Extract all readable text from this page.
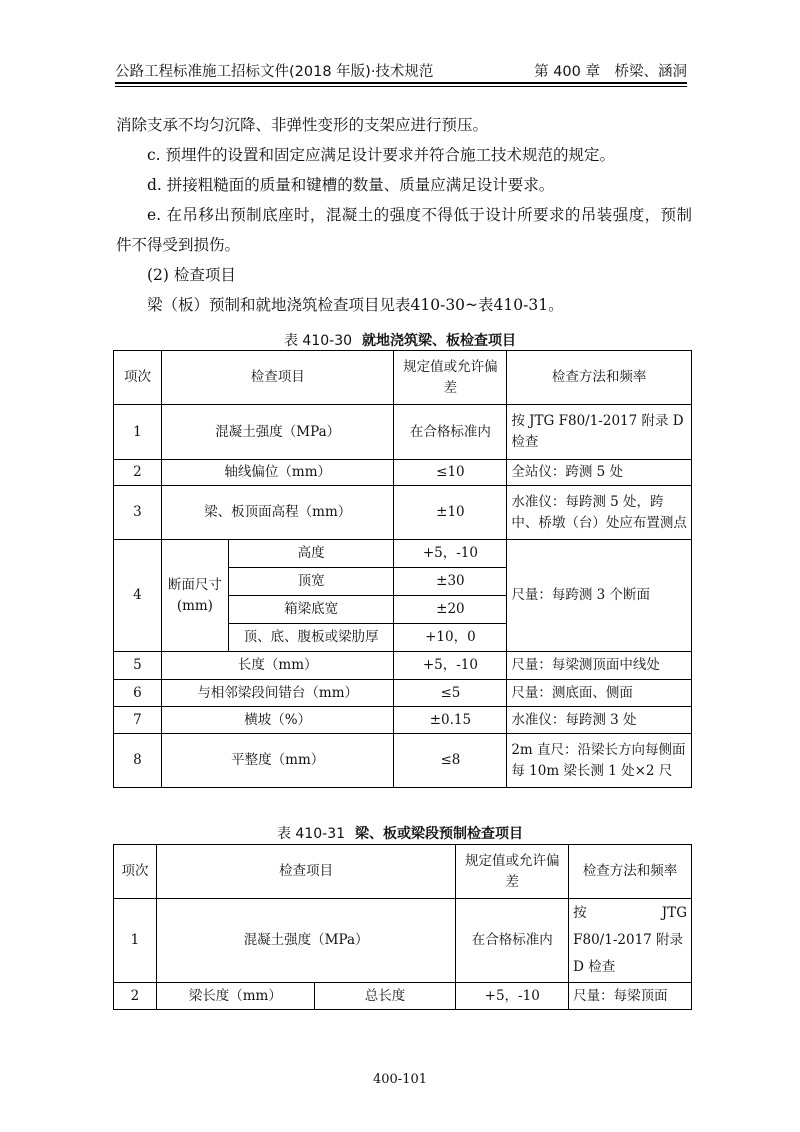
公路工程标准施工招标文件(2018 年版)·技术规范	第 400 章　桥梁、涵洞

消除支承不均匀沉降、非弹性变形的支架应进行预压。

c. 预埋件的设置和固定应满足设计要求并符合施工技术规范的规定。

d. 拼接粗糙面的质量和键槽的数量、质量应满足设计要求。

e. 在吊移出预制底座时，混凝土的强度不得低于设计所要求的吊装强度，预制件不得受到损伤。

(2) 检查项目

梁（板）预制和就地浇筑检查项目见表410-30~表410-31。

表 410-30 就地浇筑梁、板检查项目
项次	检查项目		规定值或允许偏差	检查方法和频率
1	混凝土强度（MPa）		在合格标准内	按 JTG F80/1-2017 附录 D 检查
2	轴线偏位（mm）		≤10	全站仪：跨测 5 处
3	梁、板顶面高程（mm）		±10	水准仪：每跨测 5 处，跨中、桥墩（台）处应布置测点
4	断面尺寸(mm)	高度	+5，-10	尺量：每跨测 3 个断面
		顶宽	±30	
		箱梁底宽	±20	
		顶、底、腹板或梁肋厚	+10，0	
5	长度（mm）		+5，-10	尺量：每梁测顶面中线处
6	与相邻梁段间错台（mm）		≤5	尺量：测底面、侧面
7	横坡（%）		±0.15	水准仪：每跨测 3 处
8	平整度（mm）		≤8	2m 直尺：沿梁长方向每侧面每 10m 梁长测 1 处×2 尺
表 410-31 梁、板或梁段预制检查项目
项次	检查项目		规定值或允许偏差	检查方法和频率
1	混凝土强度（MPa）		在合格标准内	按　　　JTG
F80/1-2017 附录
D 检查

2	梁长度（mm）	总长度	+5，-10	尺量：每梁顶面
400-101
